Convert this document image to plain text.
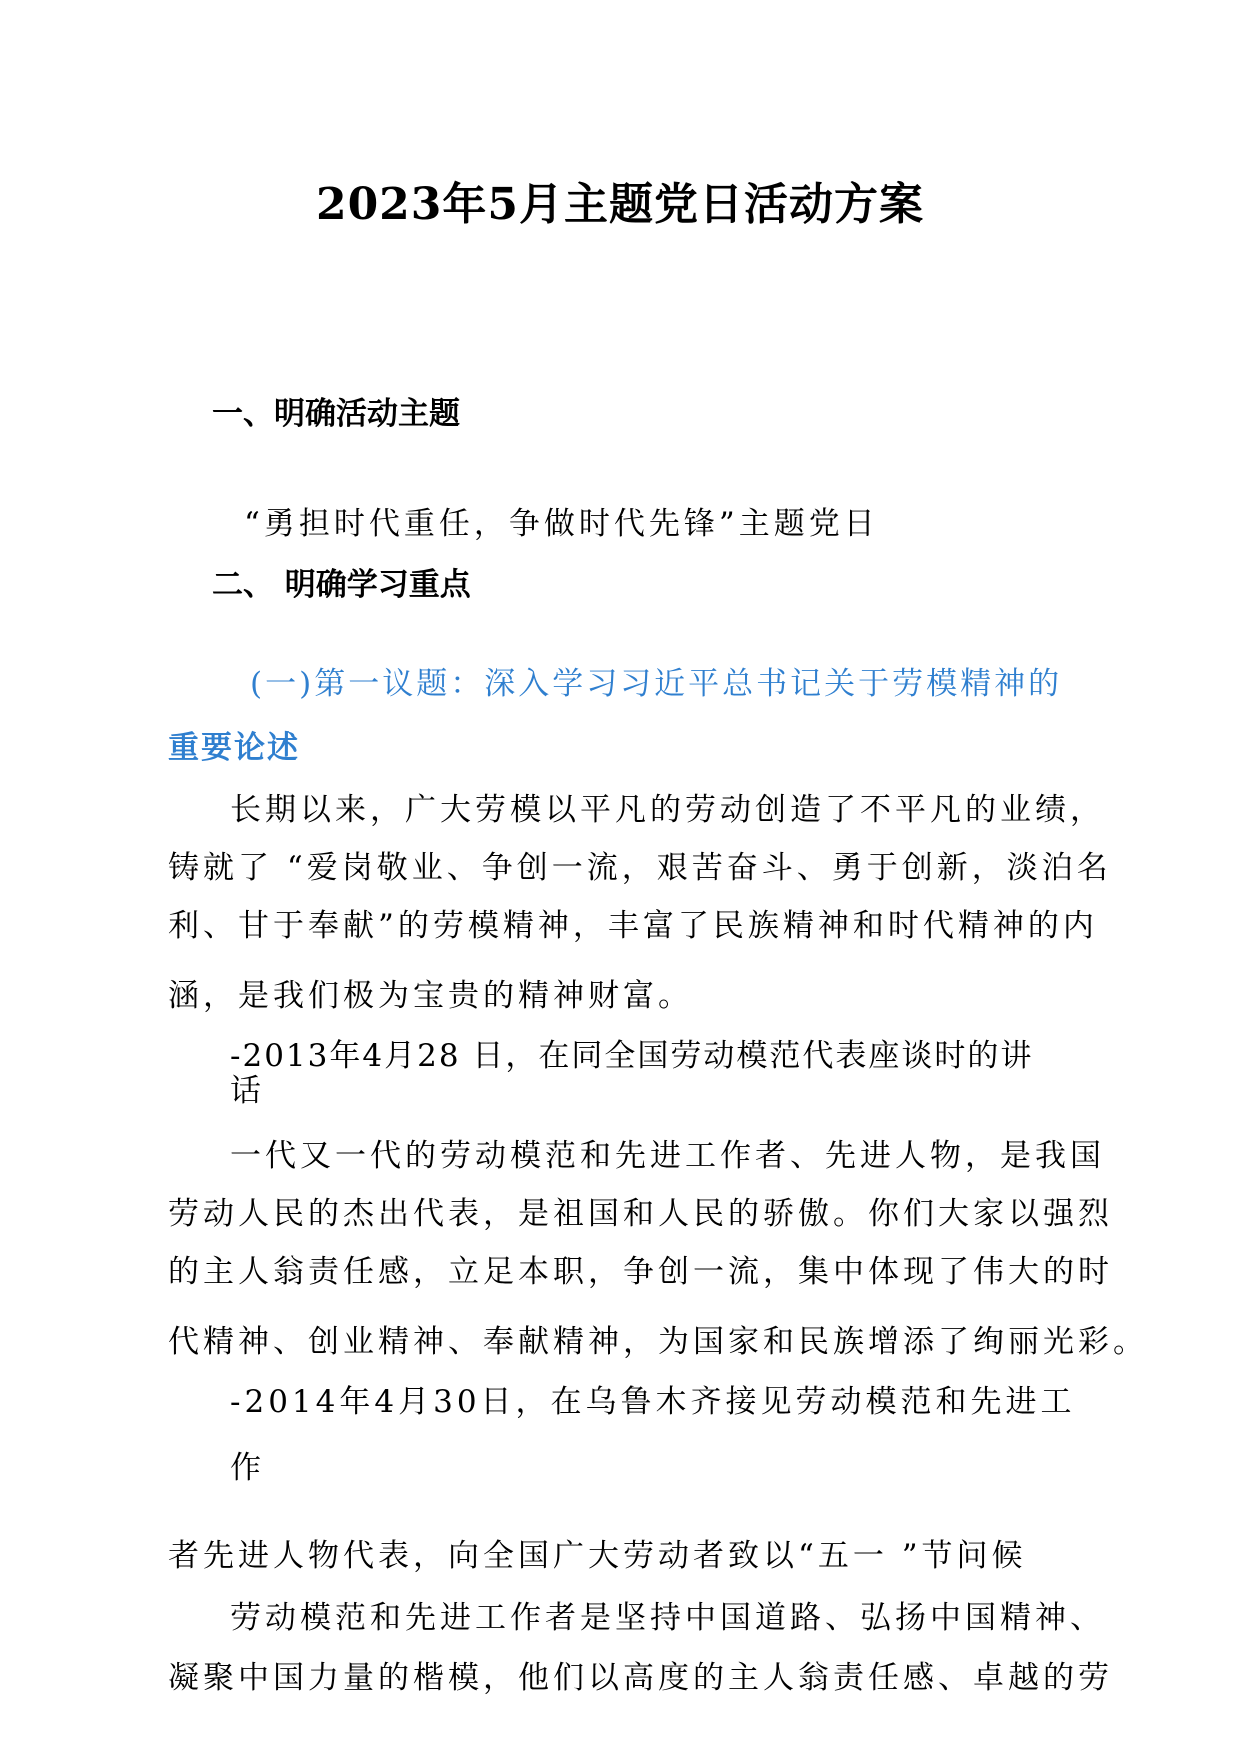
2023年5月主题党日活动方案
一、明确活动主题
“勇担时代重任，争做时代先锋”主题党日
二、 明确学习重点
(一)第一议题：深入学习习近平总书记关于劳模精神的
重要论述
长期以来，广大劳模以平凡的劳动创造了不平凡的业绩，
铸就了 “爱岗敬业、争创一流，艰苦奋斗、勇于创新，淡泊名
利、甘于奉献”的劳模精神，丰富了民族精神和时代精神的内
涵，是我们极为宝贵的精神财富。
-2013年4月28 日，在同全国劳动模范代表座谈时的讲
话
一代又一代的劳动模范和先进工作者、先进人物，是我国
劳动人民的杰出代表，是祖国和人民的骄傲。你们大家以强烈
的主人翁责任感，立足本职，争创一流，集中体现了伟大的时
代精神、创业精神、奉献精神，为国家和民族增添了绚丽光彩。
-2014年4月30日，在乌鲁木齐接见劳动模范和先进工
作
者先进人物代表，向全国广大劳动者致以“五一 ”节问候
劳动模范和先进工作者是坚持中国道路、弘扬中国精神、
凝聚中国力量的楷模，他们以高度的主人翁责任感、卓越的劳
